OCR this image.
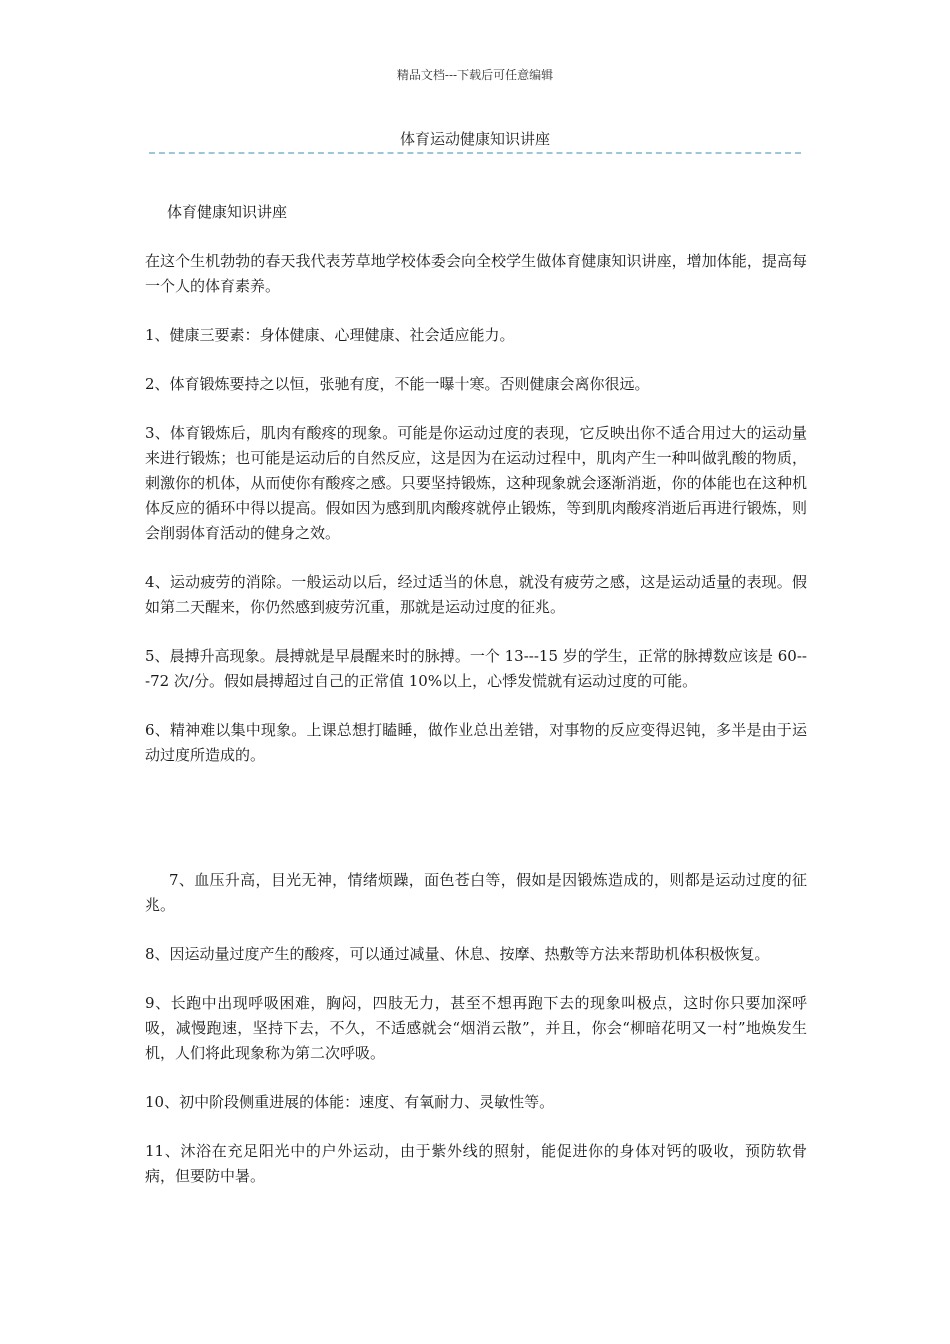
精品文档---下载后可任意编辑
体育运动健康知识讲座

体育健康知识讲座

在这个生机勃勃的春天我代表芳草地学校体委会向全校学生做体育健康知识讲座，增加体能，提高每一个人的体育素养。

1、健康三要素：身体健康、心理健康、社会适应能力。

2、体育锻炼要持之以恒，张驰有度，不能一曝十寒。否则健康会离你很远。

3、体育锻炼后，肌肉有酸疼的现象。可能是你运动过度的表现，它反映出你不适合用过大的运动量来进行锻炼；也可能是运动后的自然反应，这是因为在运动过程中，肌肉产生一种叫做乳酸的物质，刺激你的机体，从而使你有酸疼之感。只要坚持锻炼，这种现象就会逐渐消逝，你的体能也在这种机体反应的循环中得以提高。假如因为感到肌肉酸疼就停止锻炼，等到肌肉酸疼消逝后再进行锻炼，则会削弱体育活动的健身之效。

4、运动疲劳的消除。一般运动以后，经过适当的休息，就没有疲劳之感，这是运动适量的表现。假如第二天醒来，你仍然感到疲劳沉重，那就是运动过度的征兆。

5、晨搏升高现象。晨搏就是早晨醒来时的脉搏。一个 13---15 岁的学生，正常的脉搏数应该是 60---72 次/分。假如晨搏超过自己的正常值 10%以上，心悸发慌就有运动过度的可能。

6、精神难以集中现象。上课总想打瞌睡，做作业总出差错，对事物的反应变得迟钝，多半是由于运动过度所造成的。

7、血压升高，目光无神，情绪烦躁，面色苍白等，假如是因锻炼造成的，则都是运动过度的征兆。

8、因运动量过度产生的酸疼，可以通过减量、休息、按摩、热敷等方法来帮助机体积极恢复。

9、长跑中出现呼吸困难，胸闷，四肢无力，甚至不想再跑下去的现象叫极点，这时你只要加深呼吸，减慢跑速，坚持下去，不久，不适感就会“烟消云散”，并且，你会“柳暗花明又一村”地焕发生机，人们将此现象称为第二次呼吸。

10、初中阶段侧重进展的体能：速度、有氧耐力、灵敏性等。

11、沐浴在充足阳光中的户外运动，由于紫外线的照射，能促进你的身体对钙的吸收，预防软骨病，但要防中暑。
